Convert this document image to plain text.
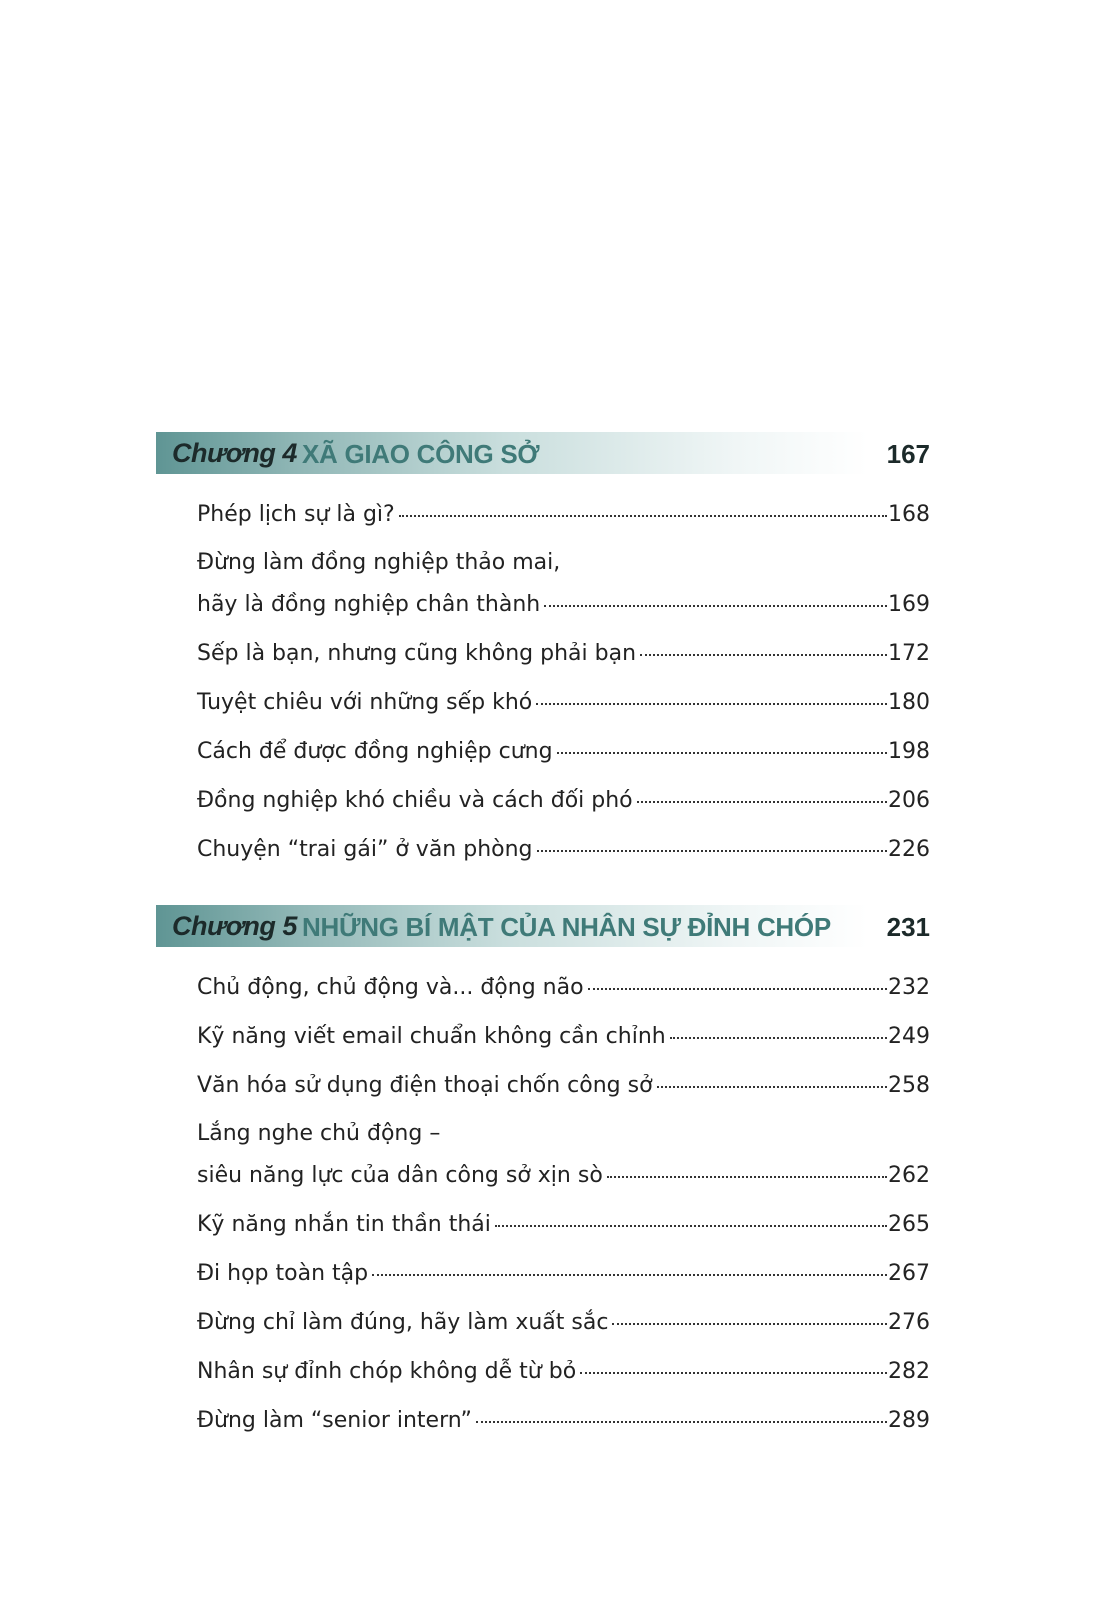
Chương 4 XÃ GIAO CÔNG SỞ	167
Phép lịch sự là gì?	168
Đừng làm đồng nghiệp thảo mai,
hãy là đồng nghiệp chân thành	169
Sếp là bạn, nhưng cũng không phải bạn	172
Tuyệt chiêu với những sếp khó	180
Cách để được đồng nghiệp cưng	198
Đồng nghiệp khó chiều và cách đối phó	206
Chuyện “trai gái” ở văn phòng	226
Chương 5 NHỮNG BÍ MẬT CỦA NHÂN SỰ ĐỈNH CHÓP 231
Chủ động, chủ động và... động não	232
Kỹ năng viết email chuẩn không cần chỉnh	249
Văn hóa sử dụng điện thoại chốn công sở	258
Lắng nghe chủ động –
siêu năng lực của dân công sở xịn sò	262
Kỹ năng nhắn tin thần thái	265
Đi họp toàn tập	267
Đừng chỉ làm đúng, hãy làm xuất sắc	276
Nhân sự đỉnh chóp không dễ từ bỏ	282
Đừng làm “senior intern”	289
